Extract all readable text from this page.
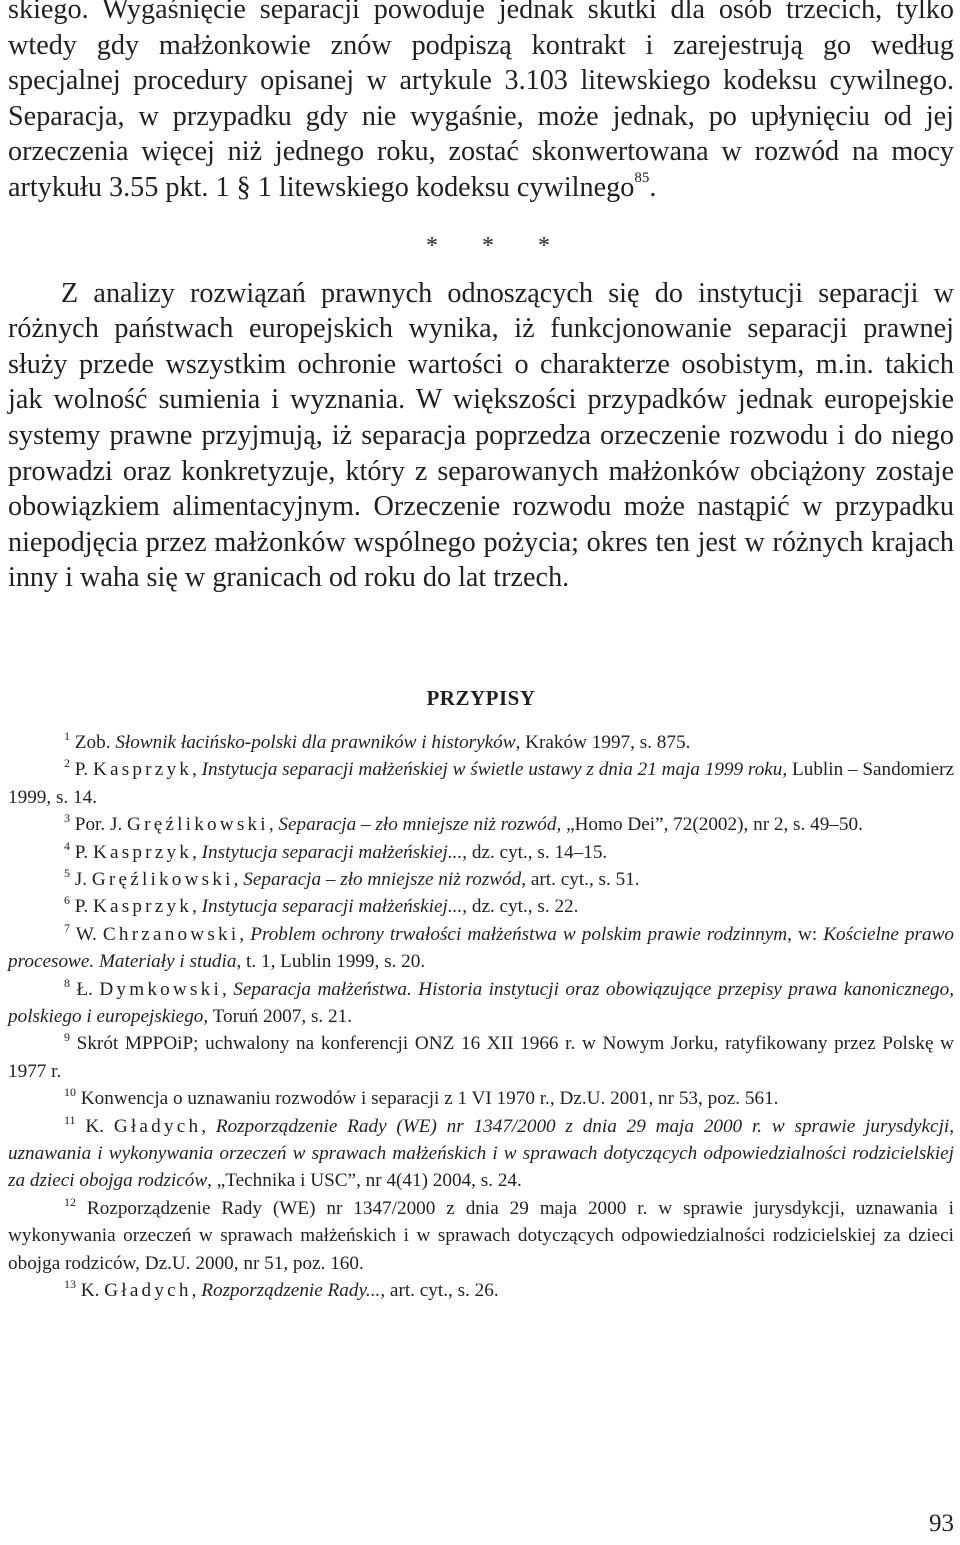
skiego. Wygaśnięcie separacji powoduje jednak skutki dla osób trzecich, tylko wtedy gdy małżonkowie znów podpiszą kontrakt i zarejestrują go według specjalnej procedury opisanej w artykule 3.103 litewskiego kodeksu cywilnego. Separacja, w przypadku gdy nie wygaśnie, może jednak, po upłynięciu od jej orzeczenia więcej niż jednego roku, zostać skonwertowana w rozwód na mocy artykułu 3.55 pkt. 1 § 1 litewskiego kodeksu cywilnego$^{85}$.

* * *

Z analizy rozwiązań prawnych odnoszących się do instytucji separacji w różnych państwach europejskich wynika, iż funkcjonowanie separacji prawnej służy przede wszystkim ochronie wartości o charakterze osobistym, m.in. takich jak wolność sumienia i wyznania. W większości przypadków jednak europejskie systemy prawne przyjmują, iż separacja poprzedza orzeczenie rozwodu i do niego prowadzi oraz konkretyzuje, który z separowanych małżonków obciążony zostaje obowiązkiem alimentacyjnym. Orzeczenie rozwodu może nastąpić w przypadku niepodjęcia przez małżonków wspólnego pożycia; okres ten jest w różnych krajach inny i waha się w granicach od roku do lat trzech.

PRZYPISY

$^1$ Zob. Słownik łacińsko-polski dla prawników i historyków, Kraków 1997, s. 875.

$^2$ P. Kasprzyk, Instytucja separacji małżeńskiej w świetle ustawy z dnia 21 maja 1999 roku, Lublin – Sandomierz 1999, s. 14.

$^3$ Por. J. Gręźlikowski, Separacja – zło mniejsze niż rozwód, „Homo Dei”, 72(2002), nr 2, s. 49–50.

$^4$ P. Kasprzyk, Instytucja separacji małżeńskiej..., dz. cyt., s. 14–15.

$^5$ J. Gręźlikowski, Separacja – zło mniejsze niż rozwód, art. cyt., s. 51.

$^6$ P. Kasprzyk, Instytucja separacji małżeńskiej..., dz. cyt., s. 22.

$^7$ W. Chrzanowski, Problem ochrony trwałości małżeństwa w polskim prawie rodzinnym, w: Kościelne prawo procesowe. Materiały i studia, t. 1, Lublin 1999, s. 20.

$^8$ Ł. Dymkowski, Separacja małżeństwa. Historia instytucji oraz obowiązujące przepisy prawa kanonicznego, polskiego i europejskiego, Toruń 2007, s. 21.

$^9$ Skrót MPPOiP; uchwalony na konferencji ONZ 16 XII 1966 r. w Nowym Jorku, ratyfikowany przez Polskę w 1977 r.

$^{10}$ Konwencja o uznawaniu rozwodów i separacji z 1 VI 1970 r., Dz.U. 2001, nr 53, poz. 561.

$^{11}$ K. Gładych, Rozporządzenie Rady (WE) nr 1347/2000 z dnia 29 maja 2000 r. w sprawie jurysdykcji, uznawania i wykonywania orzeczeń w sprawach małżeńskich i w sprawach dotyczących odpowiedzialności rodzicielskiej za dzieci obojga rodziców, „Technika i USC”, nr 4(41) 2004, s. 24.

$^{12}$ Rozporządzenie Rady (WE) nr 1347/2000 z dnia 29 maja 2000 r. w sprawie jurysdykcji, uznawania i wykonywania orzeczeń w sprawach małżeńskich i w sprawach dotyczących odpowiedzialności rodzicielskiej za dzieci obojga rodziców, Dz.U. 2000, nr 51, poz. 160.

$^{13}$ K. Gładych, Rozporządzenie Rady..., art. cyt., s. 26.

93
